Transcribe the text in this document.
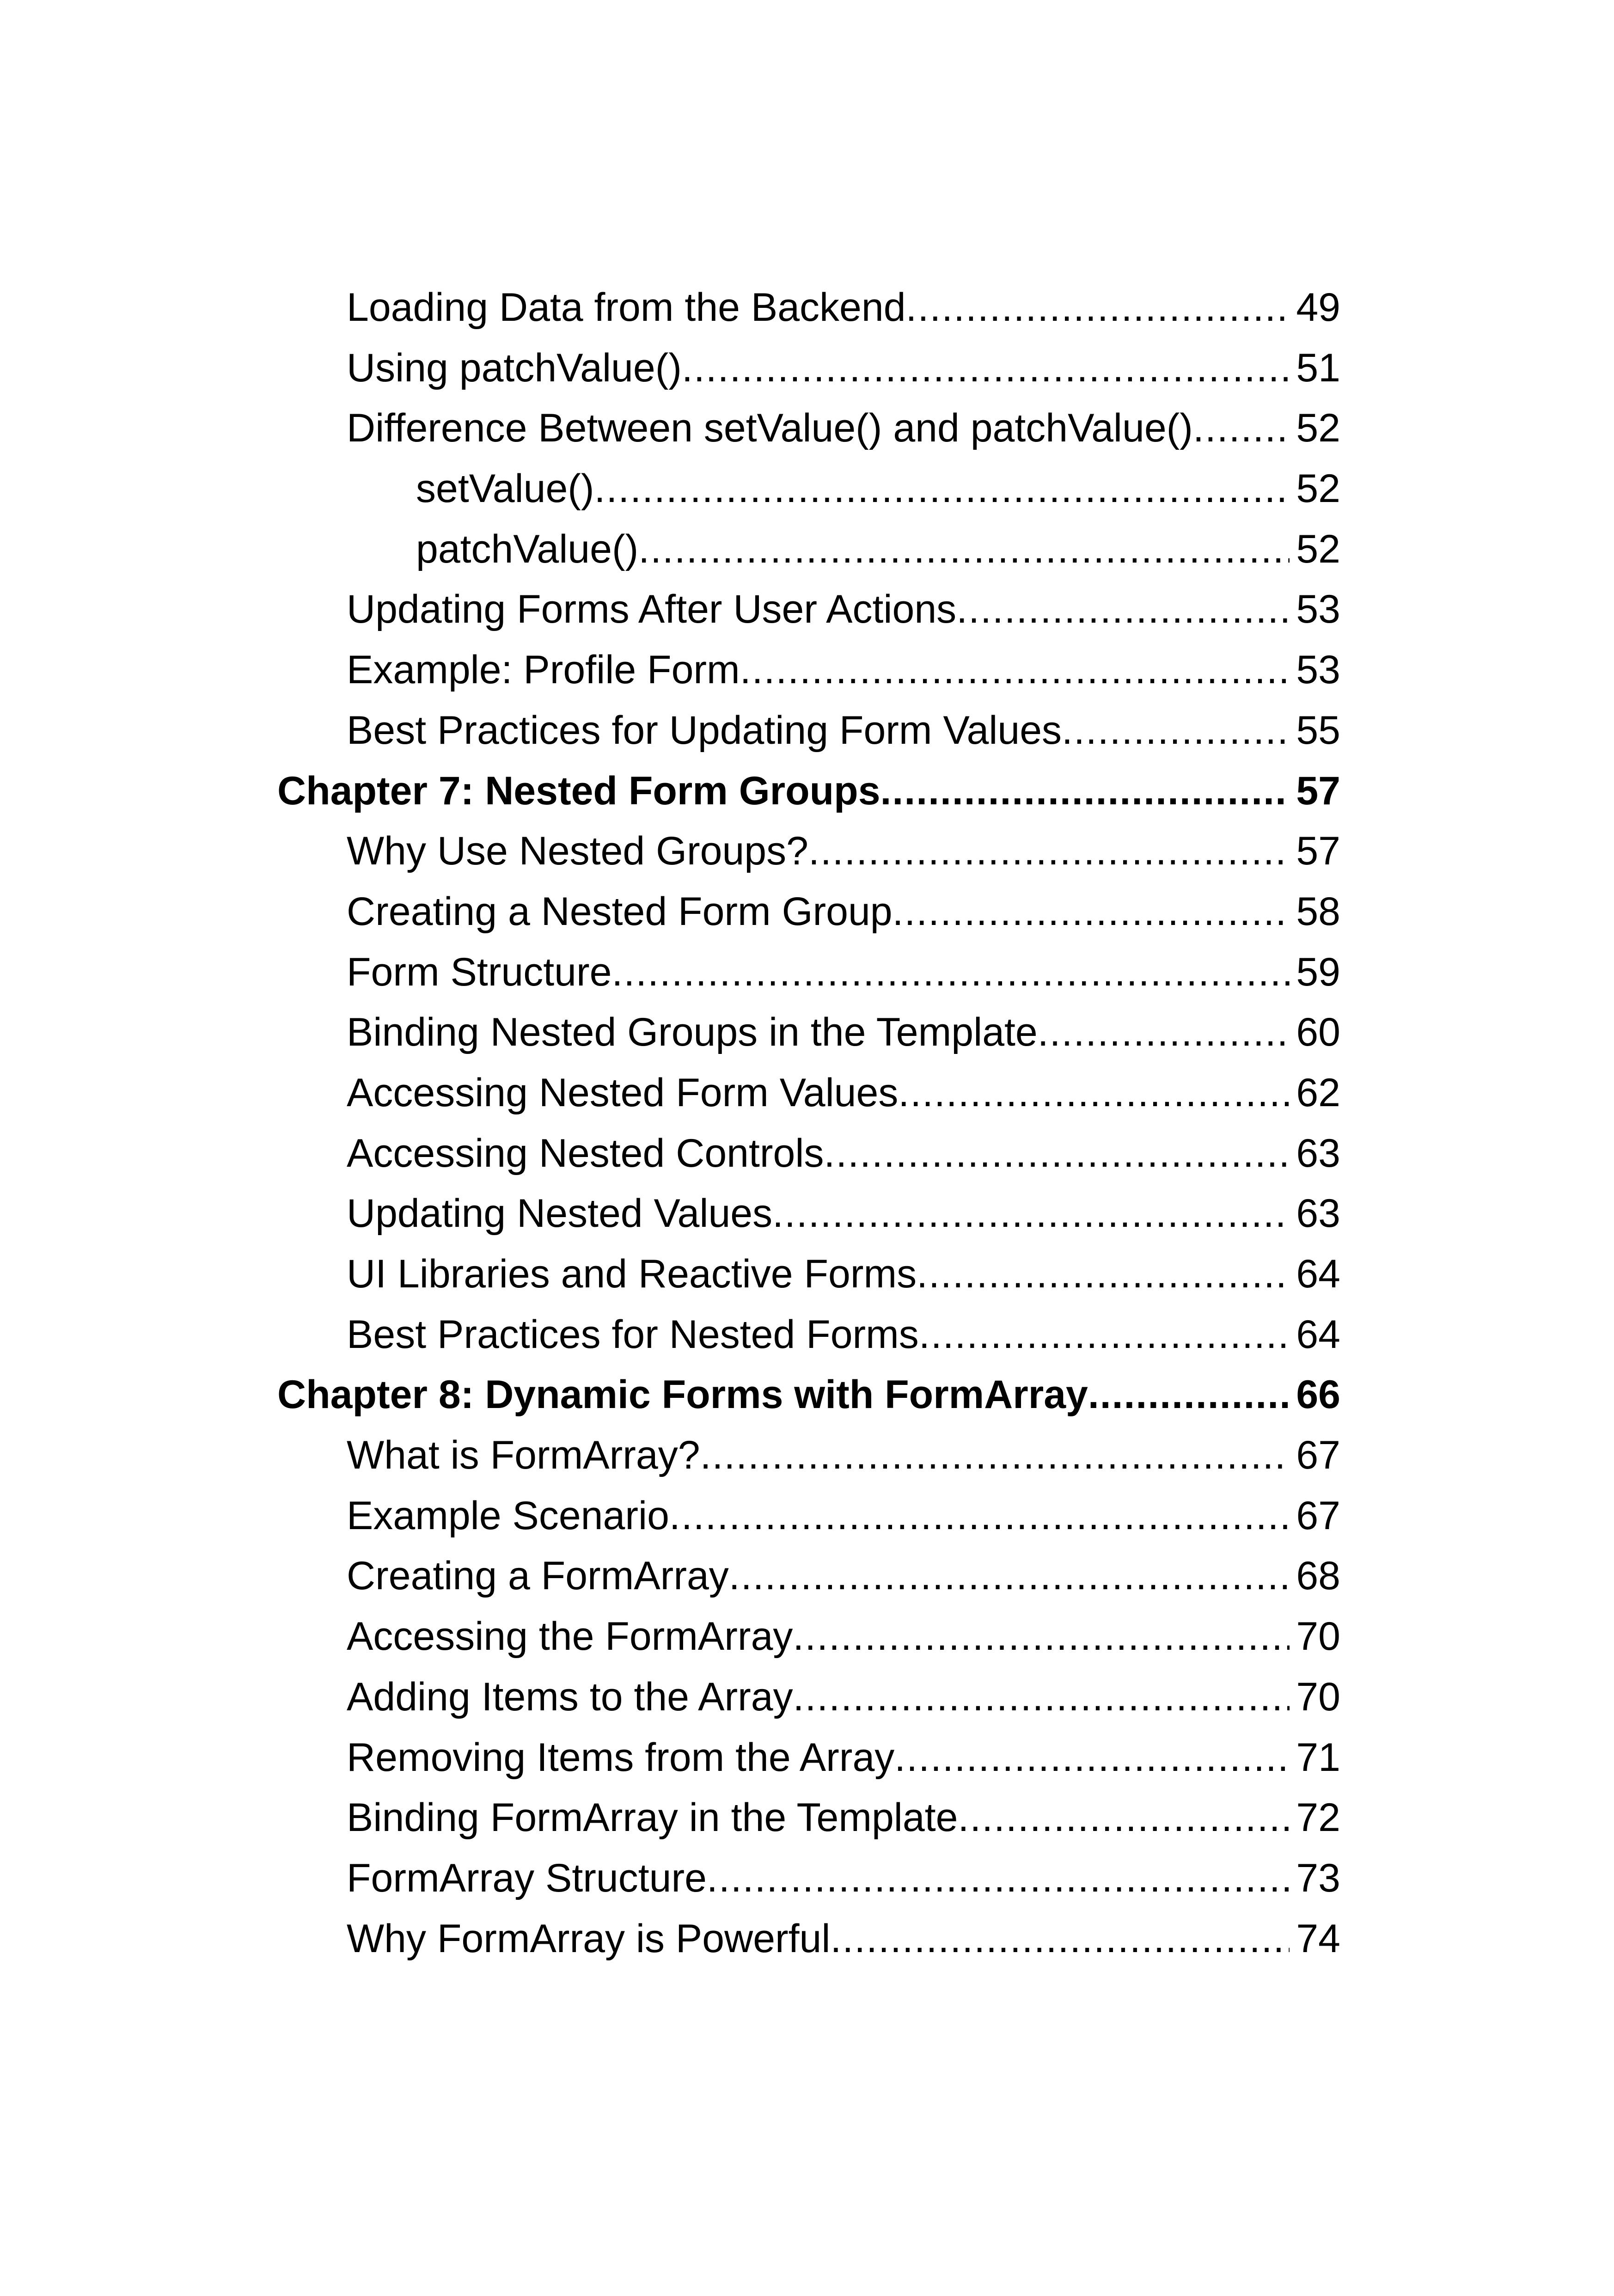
Loading Data from the Backend .....	49
Using patchValue() .....	51
Difference Between setValue() and patchValue() .....	52
setValue() .....	52
patchValue() .....	52
Updating Forms After User Actions .....	53
Example: Profile Form .....	53
Best Practices for Updating Form Values .....	55
Chapter 7: Nested Form Groups .....	57
Why Use Nested Groups? .....	57
Creating a Nested Form Group .....	58
Form Structure .....	59
Binding Nested Groups in the Template .....	60
Accessing Nested Form Values .....	62
Accessing Nested Controls .....	63
Updating Nested Values .....	63
UI Libraries and Reactive Forms .....	64
Best Practices for Nested Forms .....	64
Chapter 8: Dynamic Forms with FormArray .....	66
What is FormArray? .....	67
Example Scenario .....	67
Creating a FormArray .....	68
Accessing the FormArray .....	70
Adding Items to the Array .....	70
Removing Items from the Array .....	71
Binding FormArray in the Template .....	72
FormArray Structure .....	73
Why FormArray is Powerful .....	74
